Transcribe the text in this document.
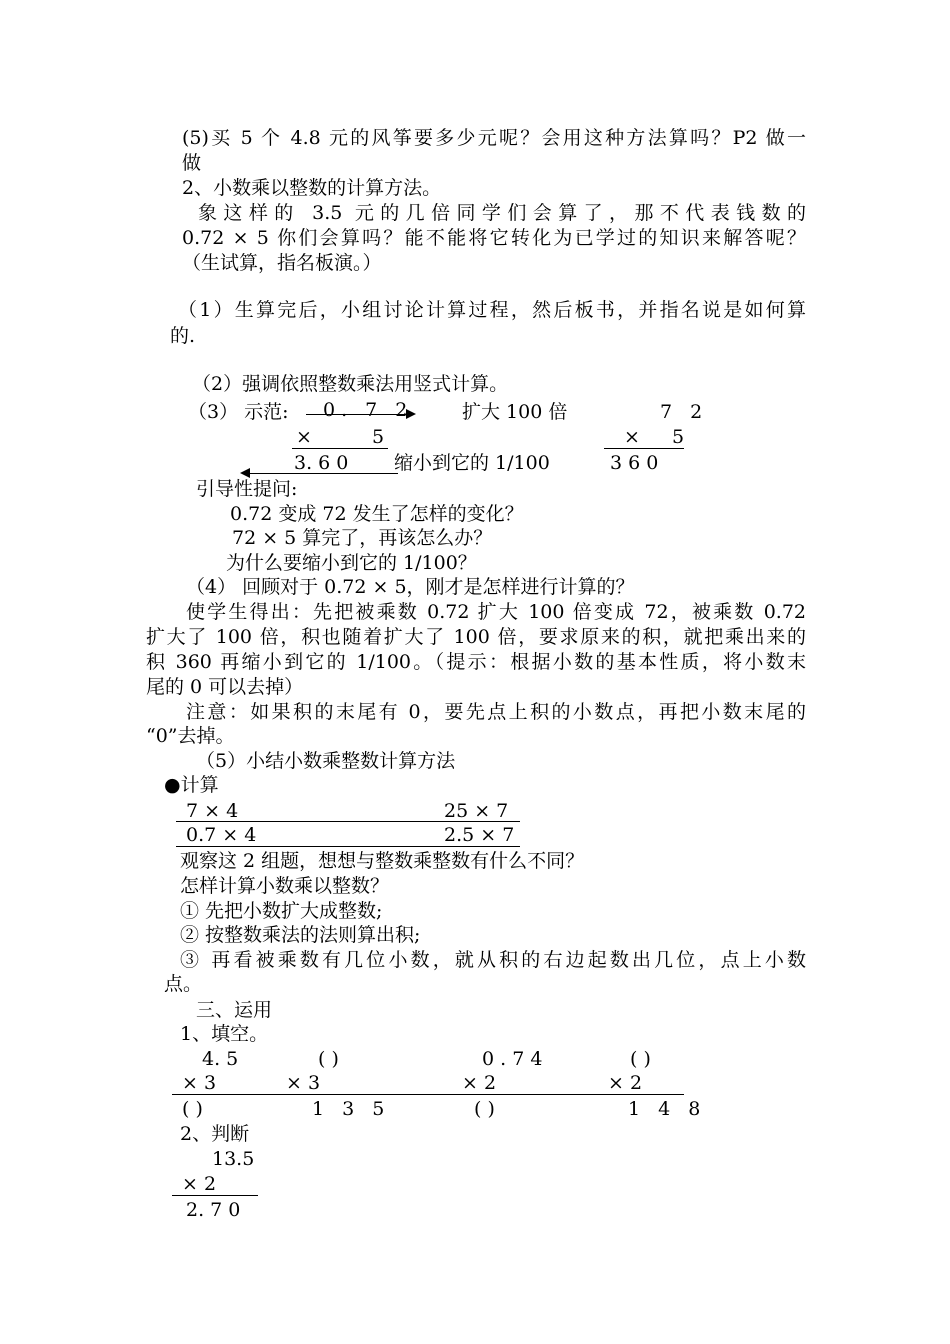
(5)买 5 个 4.8 元的风筝要多少元呢？会用这种方法算吗？P2 做一
做
2、小数乘以整数的计算方法。
象这样的 3.5 元的几倍同学们会算了，那不代表钱数的
0.72 × 5 你们会算吗？能不能将它转化为已学过的知识来解答呢？
（生试算，指名板演。）
（1）生算完后，小组讨论计算过程，然后板书，并指名说是如何算
的.
（2）强调依照整数乘法用竖式计算。
（3） 示范: 0. 7 2	扩大 100 倍	7 2
×	5	× 5
3. 6 0 缩小到它的 1/100	3 6 0
引导性提问:
0.72 变成 72 发生了怎样的变化？
72 × 5 算完了，再该怎么办？
为什么要缩小到它的 1/100？
（4） 回顾对于 0.72 × 5，刚才是怎样进行计算的？
使学生得出：先把被乘数 0.72 扩大 100 倍变成 72，被乘数 0.72
扩大了 100 倍，积也随着扩大了 100 倍，要求原来的积，就把乘出来的
积 360 再缩小到它的 1/100。（提示：根据小数的基本性质，将小数末
尾的 0 可以去掉）
注意：如果积的末尾有 0，要先点上积的小数点，再把小数末尾的
“0”去掉。
（5）小结小数乘整数计算方法
●计算
7 × 4	25 × 7
0.7 × 4	2.5 × 7
观察这 2 组题，想想与整数乘整数有什么不同？
怎样计算小数乘以整数？
① 先把小数扩大成整数;
② 按整数乘法的法则算出积;
③ 再看被乘数有几位小数，就从积的右边起数出几位，点上小数
点。
三、运用
1、填空。
4. 5	( )	0 . 7 4	( )
× 3	× 3	× 2	× 2
( )	1 3 5	( )	1 4 8
2、判断
13.5
× 2
2. 7 0
